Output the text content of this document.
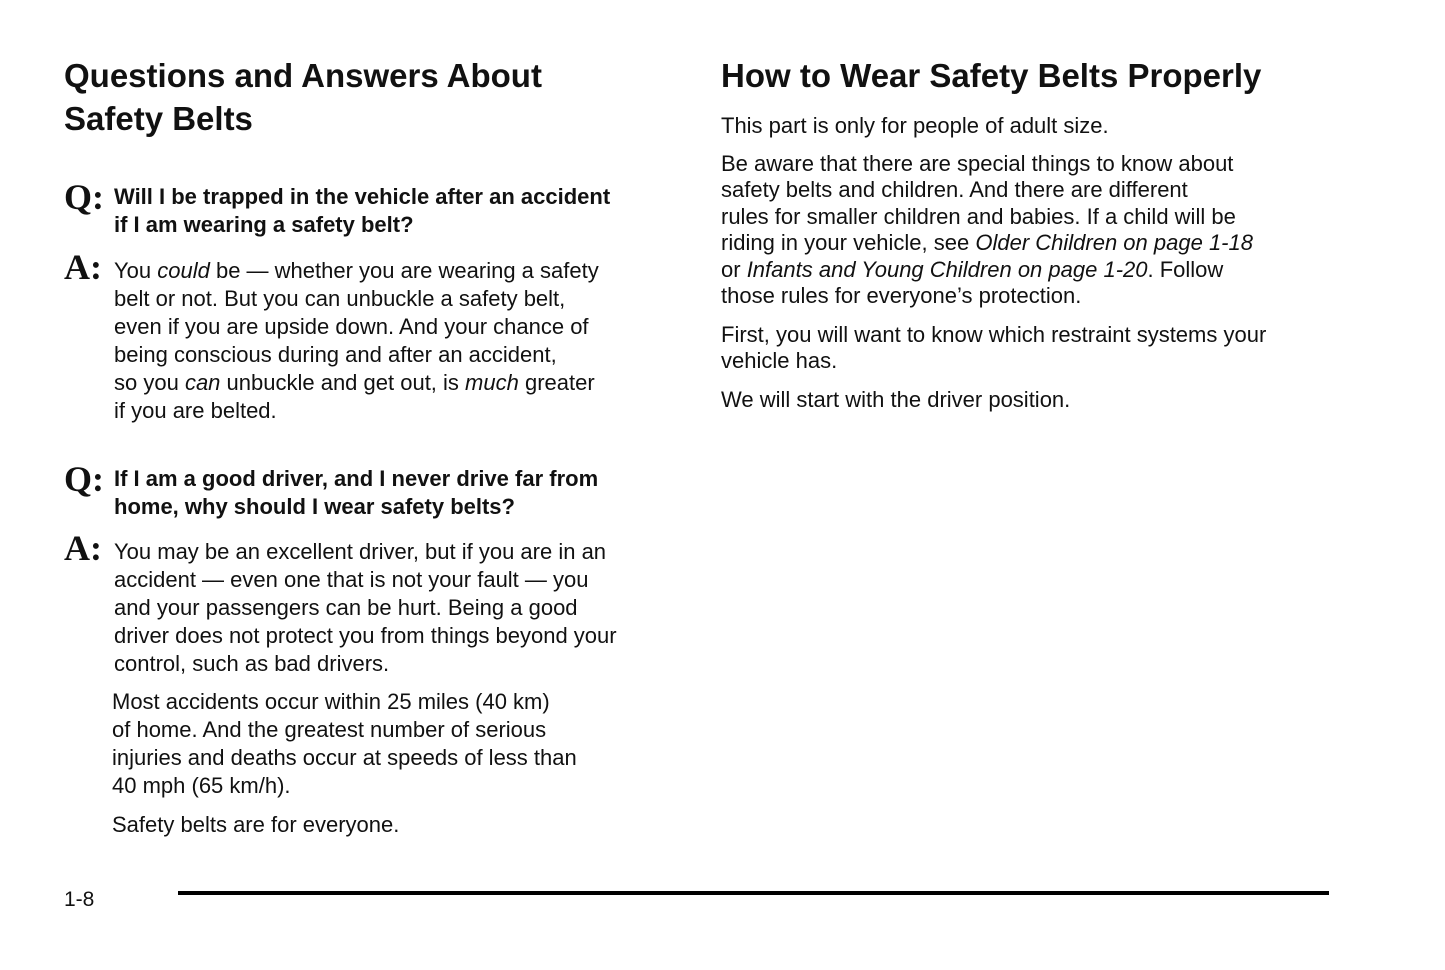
Questions and Answers About
Safety Belts
Q: Will I be trapped in the vehicle after an accident
if I am wearing a safety belt?
A: You could be — whether you are wearing a safety
belt or not. But you can unbuckle a safety belt,
even if you are upside down. And your chance of
being conscious during and after an accident,
so you can unbuckle and get out, is much greater
if you are belted.
Q: If I am a good driver, and I never drive far from
home, why should I wear safety belts?
A: You may be an excellent driver, but if you are in an
accident — even one that is not your fault — you
and your passengers can be hurt. Being a good
driver does not protect you from things beyond your
control, such as bad drivers.
Most accidents occur within 25 miles (40 km)
of home. And the greatest number of serious
injuries and deaths occur at speeds of less than
40 mph (65 km/h).
Safety belts are for everyone.
How to Wear Safety Belts Properly

This part is only for people of adult size.

Be aware that there are special things to know about
safety belts and children. And there are different
rules for smaller children and babies. If a child will be
riding in your vehicle, see Older Children on page 1-18
or Infants and Young Children on page 1-20. Follow
those rules for everyone’s protection.

First, you will want to know which restraint systems your
vehicle has.

We will start with the driver position.

1-8
